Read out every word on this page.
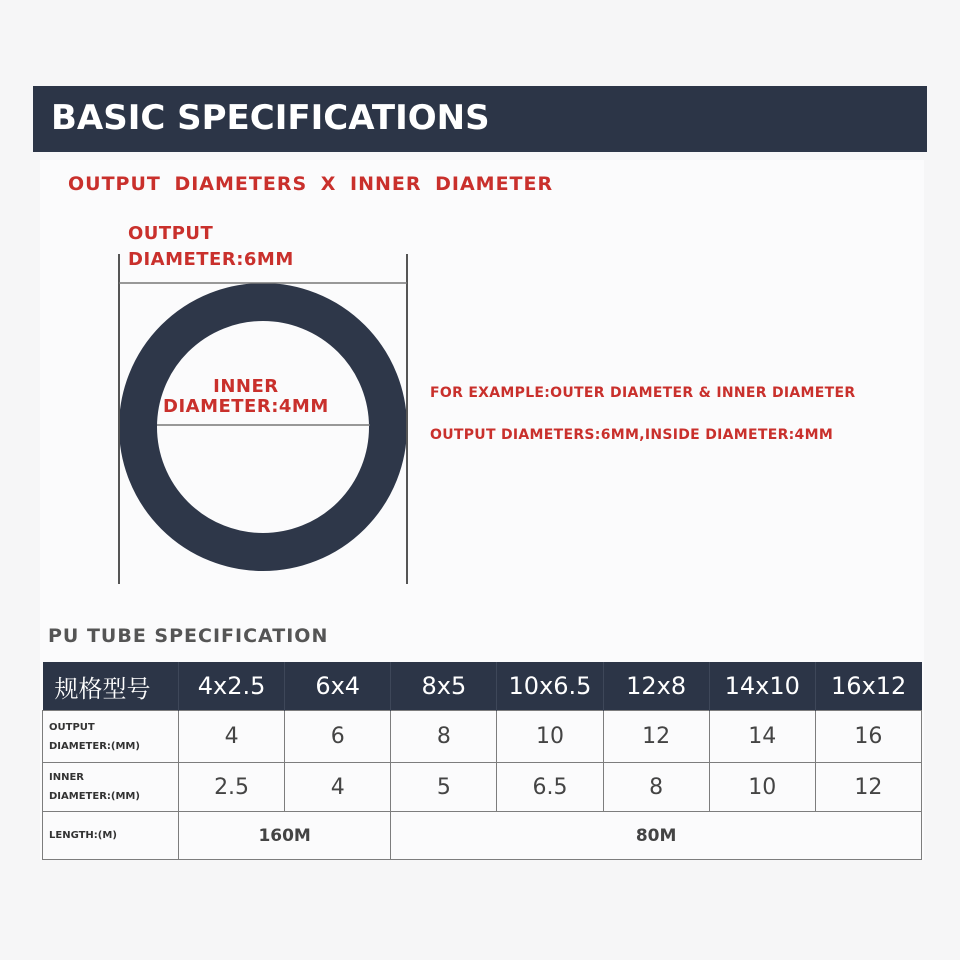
BASIC SPECIFICATIONS
OUTPUT DIAMETERS X INNER DIAMETER
OUTPUT
DIAMETER:6MM
INNER
DIAMETER:4MM
FOR EXAMPLE:OUTER DIAMETER & INNER DIAMETER
OUTPUT DIAMETERS:6MM,INSIDE DIAMETER:4MM
PU TUBE SPECIFICATION
规格型号	4x2.5	6x4	8x5	10x6.5	12x8	14x10	16x12

OUTPUT
DIAMETER:(MM)	4	6	8	10	12	14	16

INNER
DIAMETER:(MM)	2.5	4	5	6.5	8	10	12
LENGTH:(M)	160M		80M				
